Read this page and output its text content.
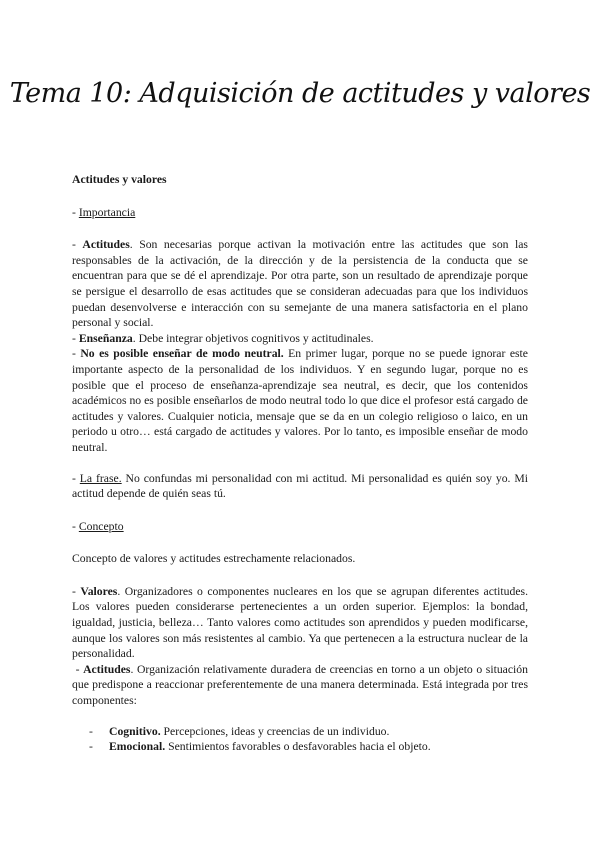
Tema 10: Adquisición de actitudes y valores

Actitudes y valores

- Importancia

- Actitudes. Son necesarias porque activan la motivación entre las actitudes que son las responsables de la activación, de la dirección y de la persistencia de la conducta que se encuentran para que se dé el aprendizaje. Por otra parte, son un resultado de aprendizaje porque se persigue el desarrollo de esas actitudes que se consideran adecuadas para que los individuos puedan desenvolverse e interacción con su semejante de una manera satisfactoria en el plano personal y social.

- Enseñanza. Debe integrar objetivos cognitivos y actitudinales.

- No es posible enseñar de modo neutral. En primer lugar, porque no se puede ignorar este importante aspecto de la personalidad de los individuos. Y en segundo lugar, porque no es posible que el proceso de enseñanza-aprendizaje sea neutral, es decir, que los contenidos académicos no es posible enseñarlos de modo neutral todo lo que dice el profesor está cargado de actitudes y valores. Cualquier noticia, mensaje que se da en un colegio religioso o laico, en un periodo u otro… está cargado de actitudes y valores. Por lo tanto, es imposible enseñar de modo neutral.

- La frase. No confundas mi personalidad con mi actitud. Mi personalidad es quién soy yo. Mi actitud depende de quién seas tú.

- Concepto

Concepto de valores y actitudes estrechamente relacionados.

- Valores. Organizadores o componentes nucleares en los que se agrupan diferentes actitudes. Los valores pueden considerarse pertenecientes a un orden superior. Ejemplos: la bondad, igualdad, justicia, belleza… Tanto valores como actitudes son aprendidos y pueden modificarse, aunque los valores son más resistentes al cambio. Ya que pertenecen a la estructura nuclear de la personalidad.

- Actitudes. Organización relativamente duradera de creencias en torno a un objeto o situación que predispone a reaccionar preferentemente de una manera determinada. Está integrada por tres componentes:

- Cognitivo. Percepciones, ideas y creencias de un individuo.
- Emocional. Sentimientos favorables o desfavorables hacia el objeto.
